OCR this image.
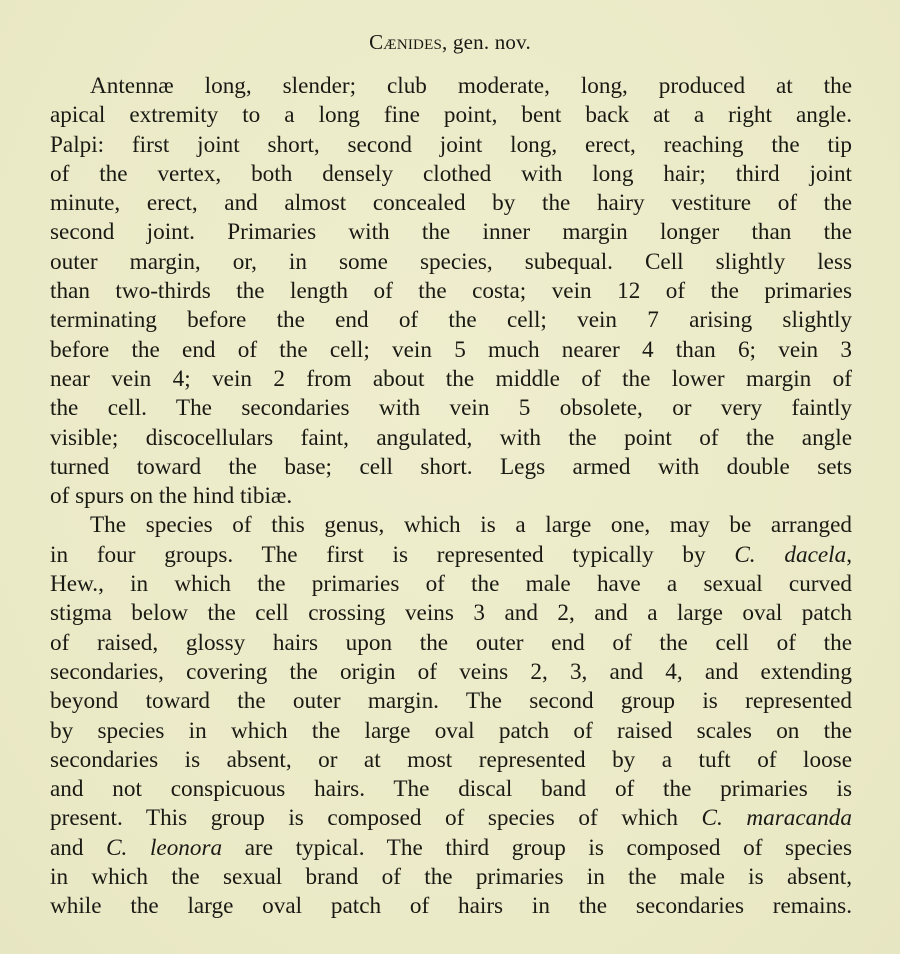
Cænides, gen. nov.
Antennæ long, slender; club moderate, long, produced at the
apical extremity to a long fine point, bent back at a right angle.
Palpi: first joint short, second joint long, erect, reaching the tip
of the vertex, both densely clothed with long hair; third joint
minute, erect, and almost concealed by the hairy vestiture of the
second joint. Primaries with the inner margin longer than the
outer margin, or, in some species, subequal. Cell slightly less
than two-thirds the length of the costa; vein 12 of the primaries
terminating before the end of the cell; vein 7 arising slightly
before the end of the cell; vein 5 much nearer 4 than 6; vein 3
near vein 4; vein 2 from about the middle of the lower margin of
the cell. The secondaries with vein 5 obsolete, or very faintly
visible; discocellulars faint, angulated, with the point of the angle
turned toward the base; cell short. Legs armed with double sets
of spurs on the hind tibiæ.
The species of this genus, which is a large one, may be arranged
in four groups. The first is represented typically by C. dacela,
Hew., in which the primaries of the male have a sexual curved
stigma below the cell crossing veins 3 and 2, and a large oval patch
of raised, glossy hairs upon the outer end of the cell of the
secondaries, covering the origin of veins 2, 3, and 4, and extending
beyond toward the outer margin. The second group is represented
by species in which the large oval patch of raised scales on the
secondaries is absent, or at most represented by a tuft of loose
and not conspicuous hairs. The discal band of the primaries is
present. This group is composed of species of which C. maracanda
and C. leonora are typical. The third group is composed of species
in which the sexual brand of the primaries in the male is absent,
while the large oval patch of hairs in the secondaries remains.
